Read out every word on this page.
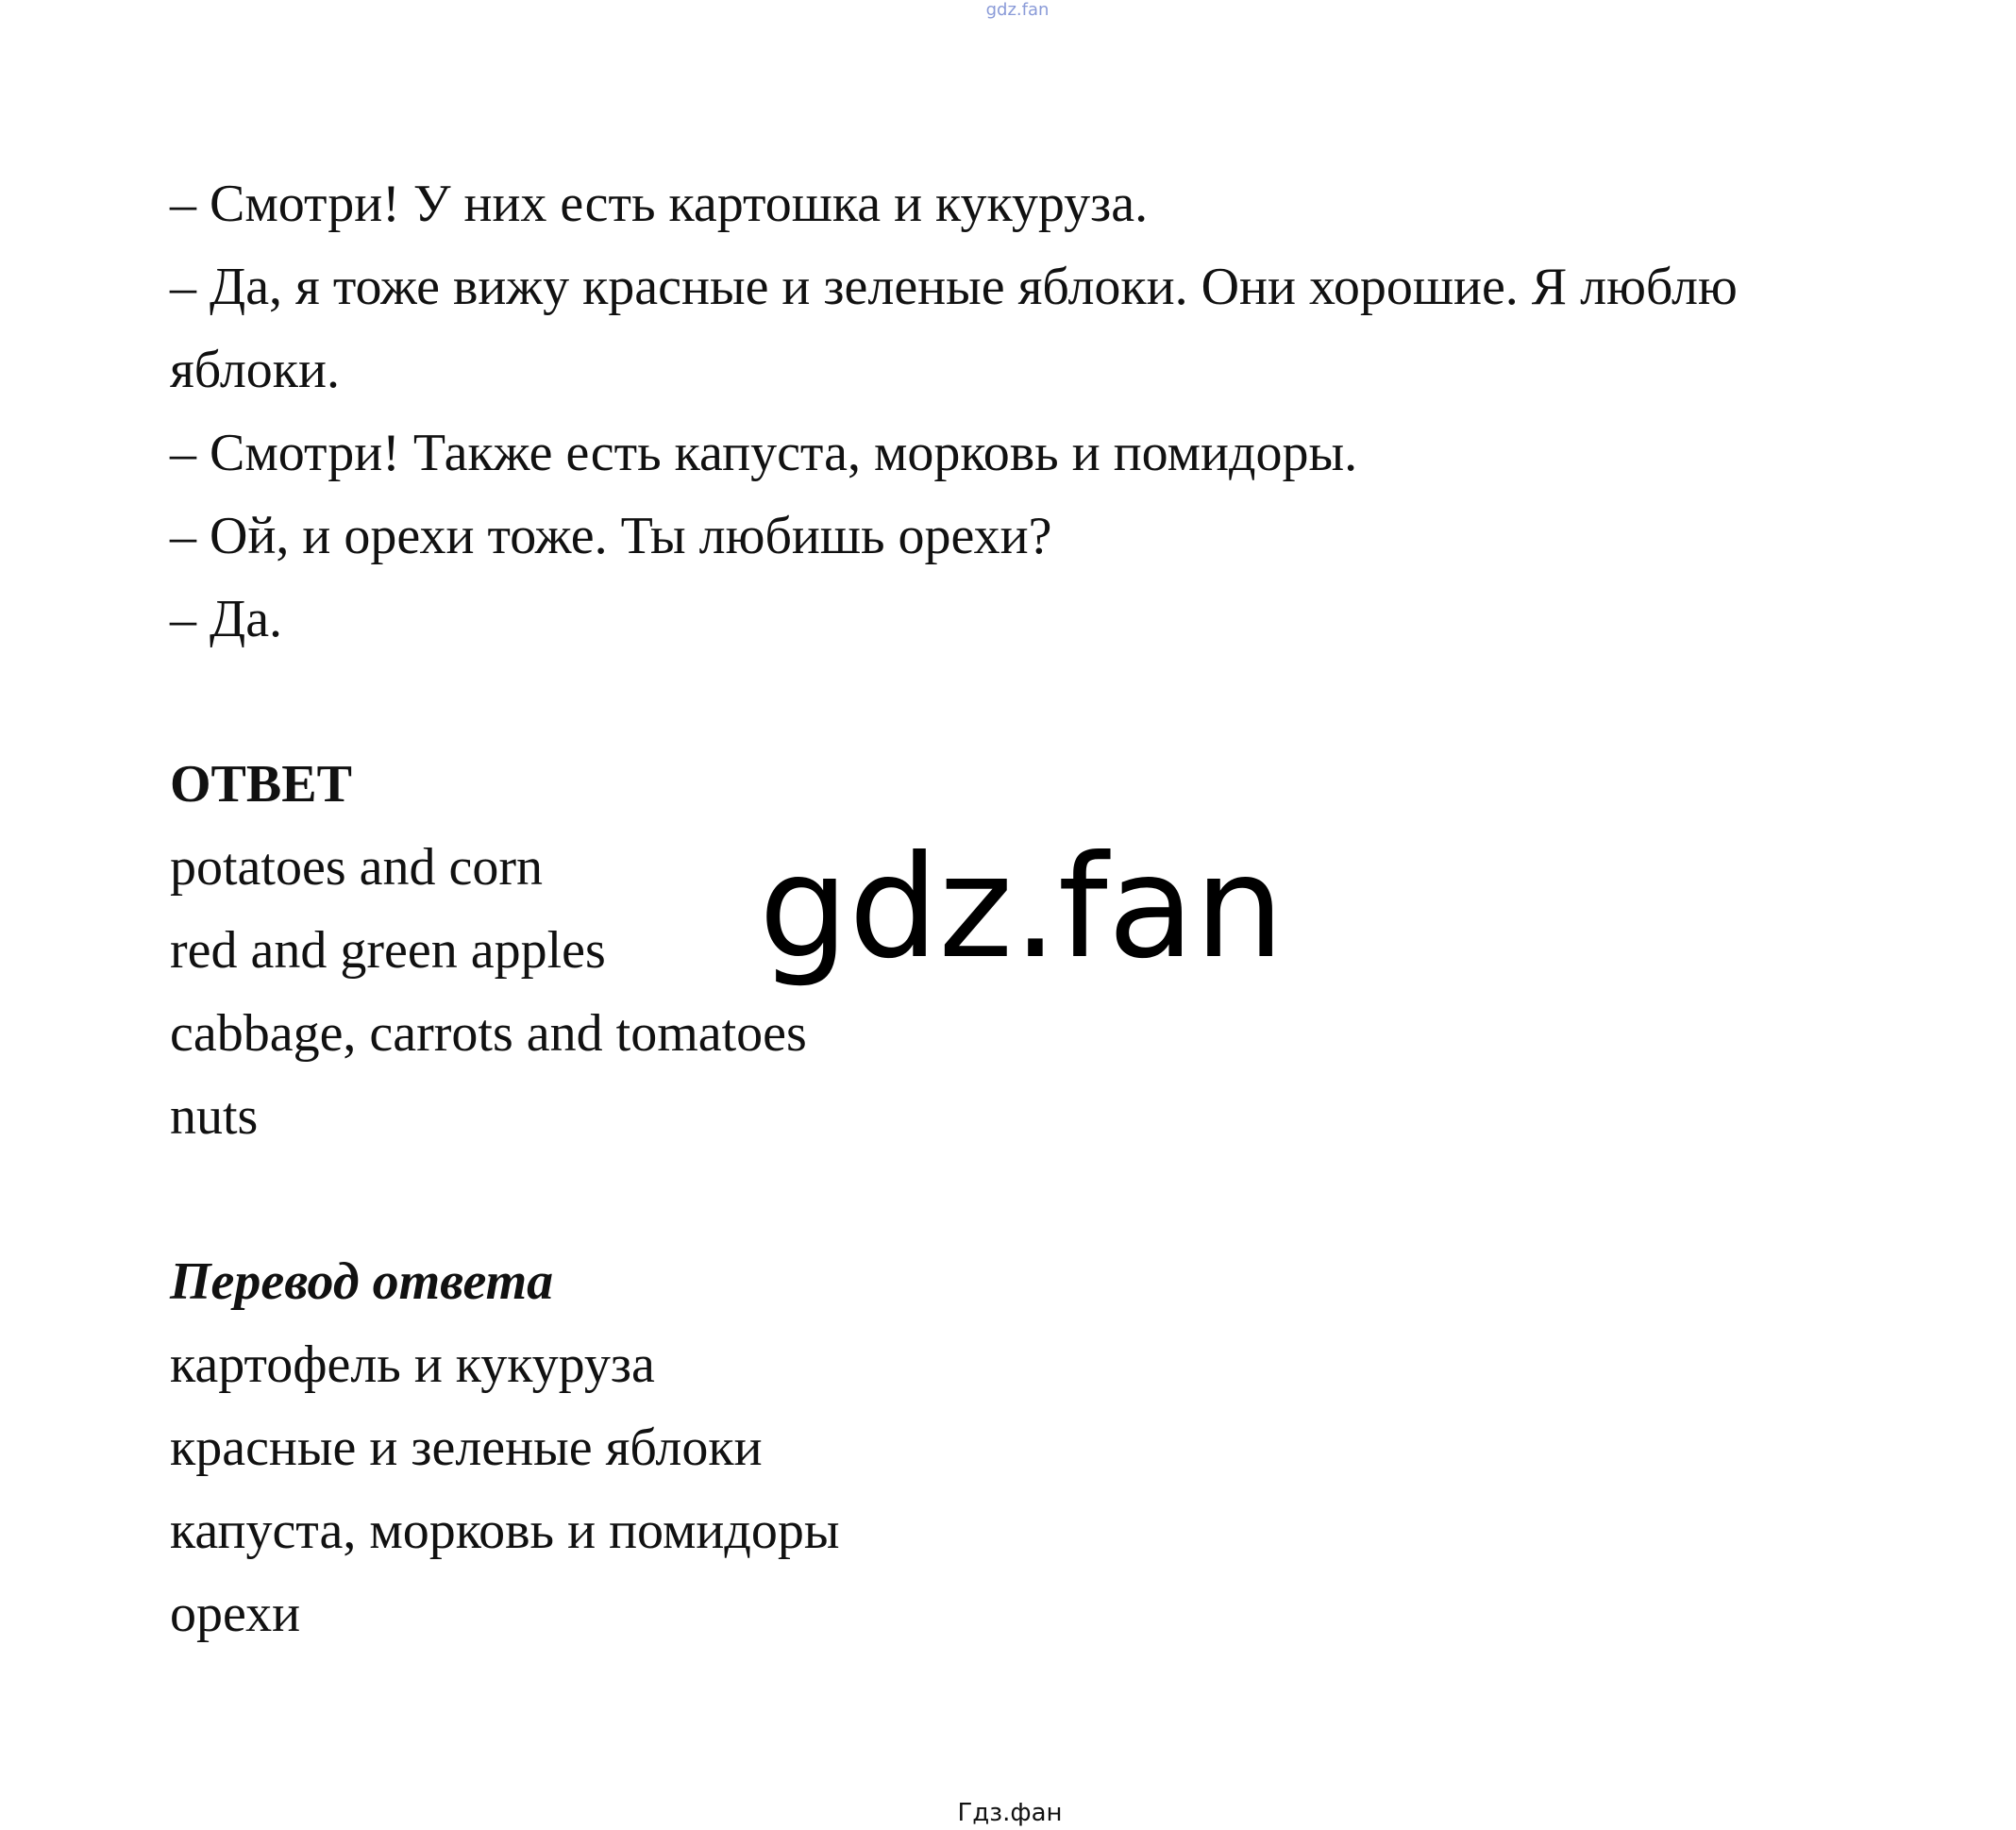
gdz.fan
– Смотри! У них есть картошка и кукуруза.
– Да, я тоже вижу красные и зеленые яблоки. Они хорошие. Я люблю
яблоки.
– Смотри! Также есть капуста, морковь и помидоры.
– Ой, и орехи тоже. Ты любишь орехи?
– Да.
ОТВЕТ
potatoes and corn
red and green apples
cabbage, carrots and tomatoes
nuts
Перевод ответа
картофель и кукуруза
красные и зеленые яблоки
капуста, морковь и помидоры
орехи
gdz.fan
Гдз.фан
